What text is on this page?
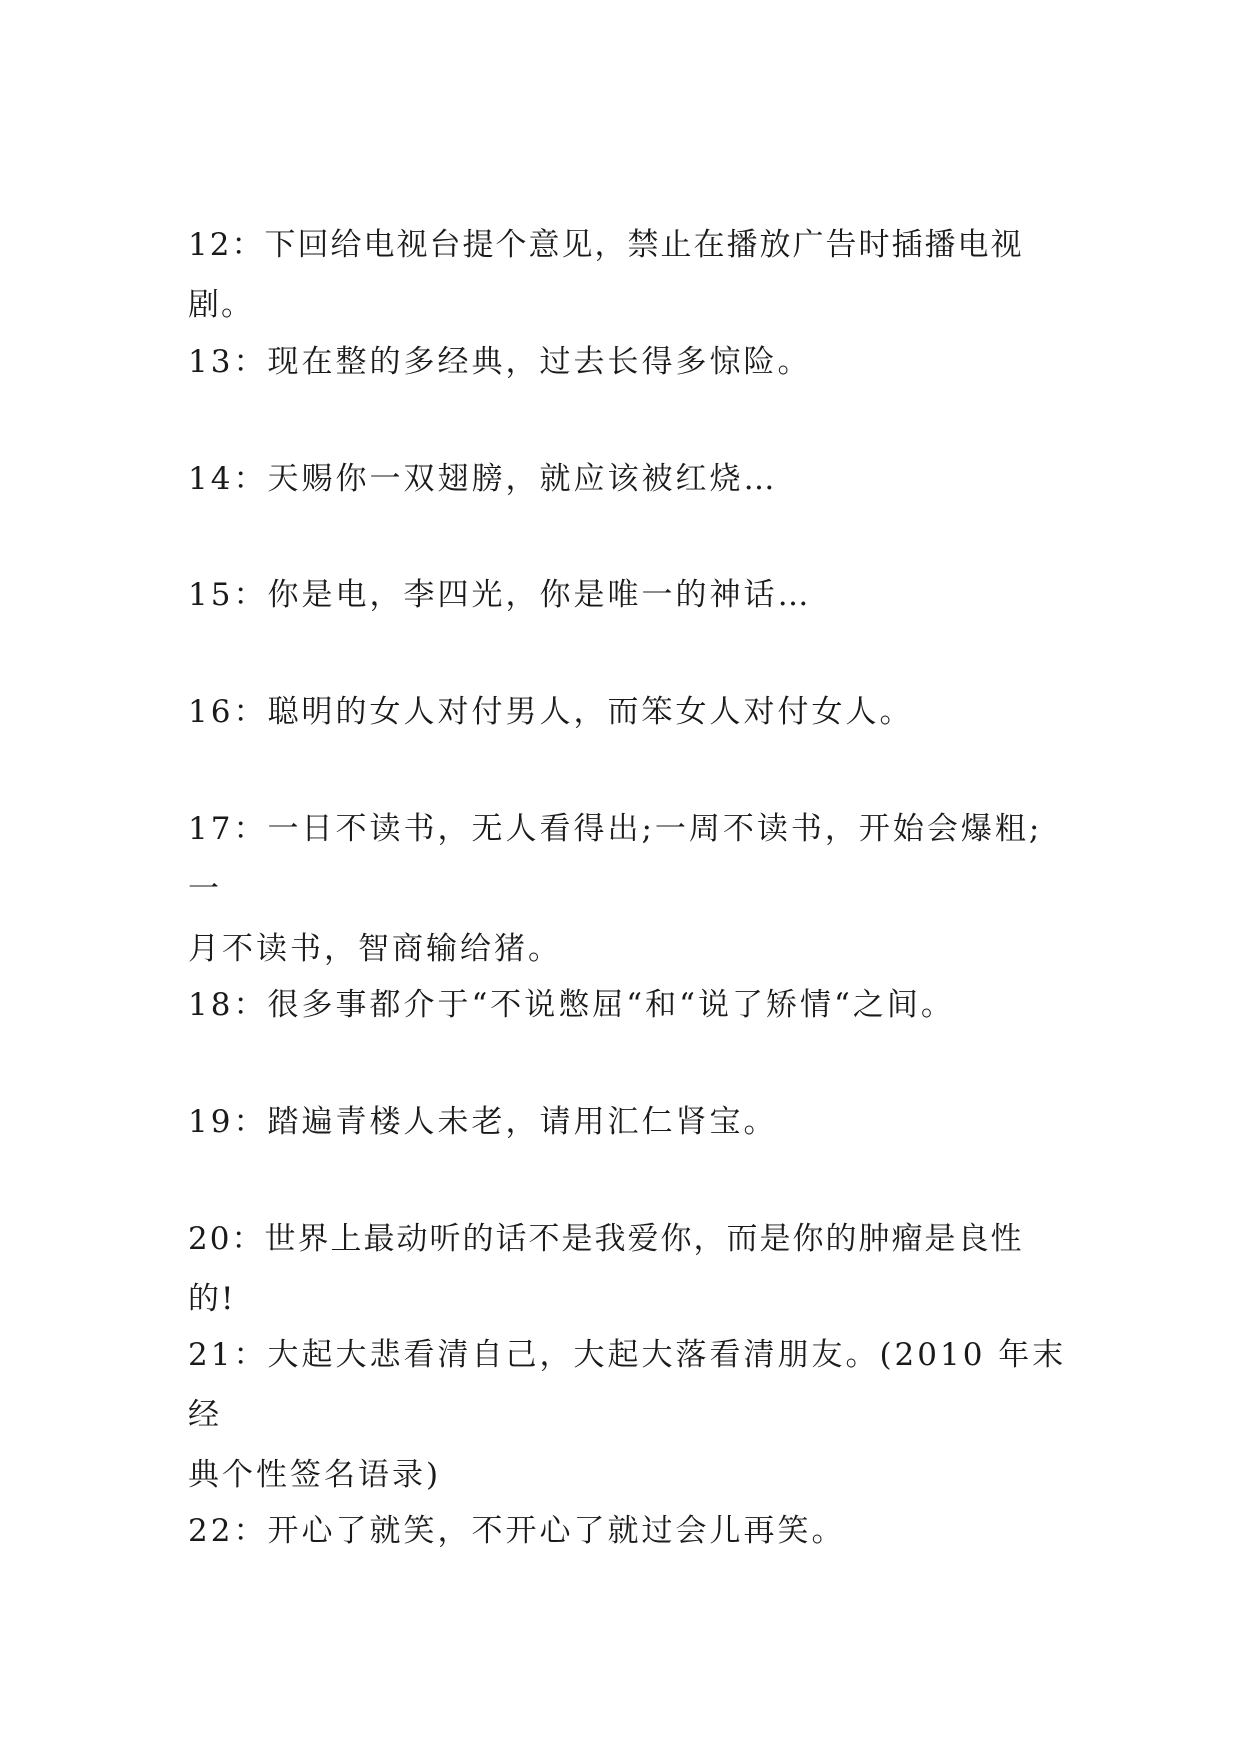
12：下回给电视台提个意见，禁止在播放广告时插播电视剧。

13：现在整的多经典，过去长得多惊险。

14：天赐你一双翅膀，就应该被红烧…

15：你是电，李四光，你是唯一的神话…

16：聪明的女人对付男人，而笨女人对付女人。

17：一日不读书，无人看得出;一周不读书，开始会爆粗;一
月不读书，智商输给猪。

18：很多事都介于“不说憋屈“和“说了矫情“之间。

19：踏遍青楼人未老，请用汇仁肾宝。

20：世界上最动听的话不是我爱你，而是你的肿瘤是良性的!

21：大起大悲看清自己，大起大落看清朋友。(2010 年末经
典个性签名语录)

22：开心了就笑，不开心了就过会儿再笑。
